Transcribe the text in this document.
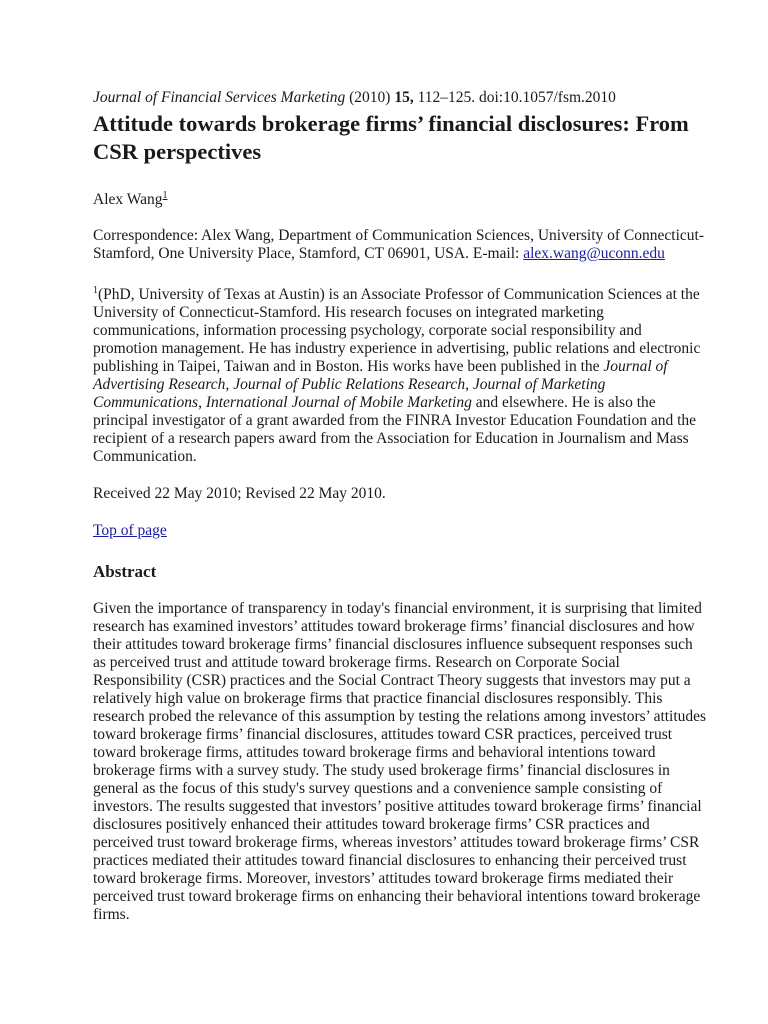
Journal of Financial Services Marketing (2010) 15, 112–125. doi:10.1057/fsm.2010

Attitude towards brokerage firms’ financial disclosures: From CSR perspectives

Alex Wang$^1$

Correspondence: Alex Wang, Department of Communication Sciences, University of Connecticut-Stamford, One University Place, Stamford, CT 06901, USA. E-mail: alex.wang@uconn.edu

$^1$(PhD, University of Texas at Austin) is an Associate Professor of Communication Sciences at the University of Connecticut-Stamford. His research focuses on integrated marketing communications, information processing psychology, corporate social responsibility and promotion management. He has industry experience in advertising, public relations and electronic publishing in Taipei, Taiwan and in Boston. His works have been published in the Journal of Advertising Research, Journal of Public Relations Research, Journal of Marketing Communications, International Journal of Mobile Marketing and elsewhere. He is also the principal investigator of a grant awarded from the FINRA Investor Education Foundation and the recipient of a research papers award from the Association for Education in Journalism and Mass Communication.

Received 22 May 2010; Revised 22 May 2010.

Top of page

Abstract

Given the importance of transparency in today's financial environment, it is surprising that limited research has examined investors’ attitudes toward brokerage firms’ financial disclosures and how their attitudes toward brokerage firms’ financial disclosures influence subsequent responses such as perceived trust and attitude toward brokerage firms. Research on Corporate Social Responsibility (CSR) practices and the Social Contract Theory suggests that investors may put a relatively high value on brokerage firms that practice financial disclosures responsibly. This research probed the relevance of this assumption by testing the relations among investors’ attitudes toward brokerage firms’ financial disclosures, attitudes toward CSR practices, perceived trust toward brokerage firms, attitudes toward brokerage firms and behavioral intentions toward brokerage firms with a survey study. The study used brokerage firms’ financial disclosures in general as the focus of this study's survey questions and a convenience sample consisting of investors. The results suggested that investors’ positive attitudes toward brokerage firms’ financial disclosures positively enhanced their attitudes toward brokerage firms’ CSR practices and perceived trust toward brokerage firms, whereas investors’ attitudes toward brokerage firms’ CSR practices mediated their attitudes toward financial disclosures to enhancing their perceived trust toward brokerage firms. Moreover, investors’ attitudes toward brokerage firms mediated their perceived trust toward brokerage firms on enhancing their behavioral intentions toward brokerage firms.
